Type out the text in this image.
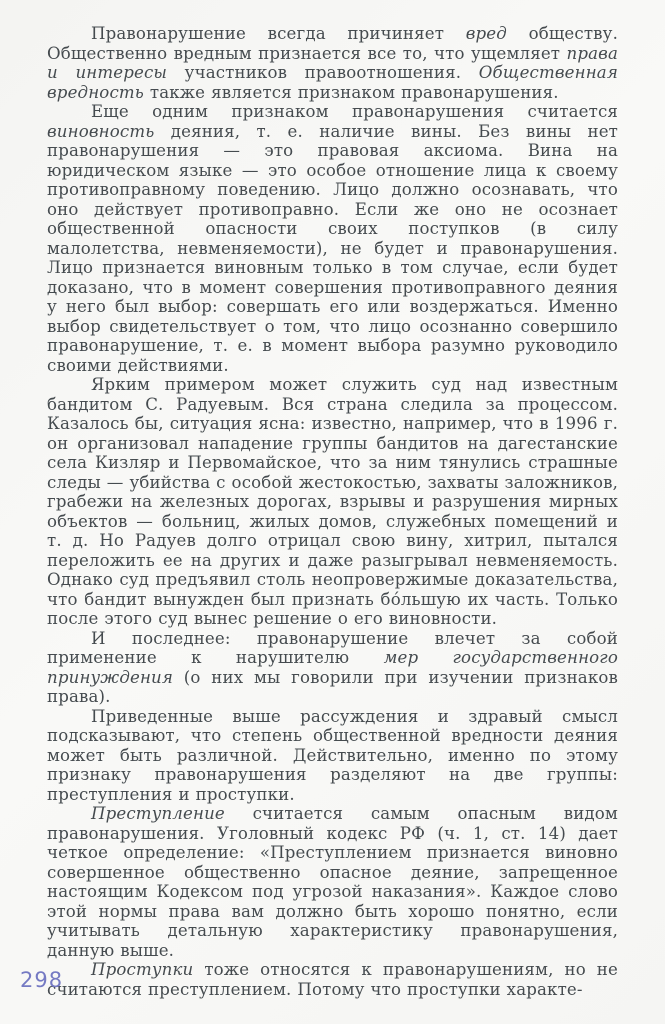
Правонарушение всегда причиняет вред обществу. Общественно вредным признается все то, что ущемляет права и интересы участников правоотношения. Общественная вредность также является признаком правонарушения.

Еще одним признаком правонарушения считается виновность деяния, т. е. наличие вины. Без вины нет правонарушения — это правовая аксиома. Вина на юридическом языке — это особое отношение лица к своему противоправному поведению. Лицо должно осознавать, что оно действует противоправно. Если же оно не осознает общественной опасности своих поступков (в силу малолетства, невменяемости), не будет и правонарушения. Лицо признается виновным только в том случае, если будет доказано, что в момент совершения противоправного деяния у него был выбор: совершать его или воздержаться. Именно выбор свидетельствует о том, что лицо осознанно совершило правонарушение, т. е. в момент выбора разумно руководило своими действиями.

Ярким примером может служить суд над известным бандитом С. Радуевым. Вся страна следила за процессом. Казалось бы, ситуация ясна: известно, например, что в 1996 г. он организовал нападение группы бандитов на дагестанские села Кизляр и Первомайское, что за ним тянулись страшные следы — убийства с особой жестокостью, захваты заложников, грабежи на железных дорогах, взрывы и разрушения мирных объектов — больниц, жилых домов, служебных помещений и т. д. Но Радуев долго отрицал свою вину, хитрил, пытался переложить ее на других и даже разыгрывал невменяемость. Однако суд предъявил столь неопровержимые доказательства, что бандит вынужден был признать бо́льшую их часть. Только после этого суд вынес решение о его виновности.

И последнее: правонарушение влечет за собой применение к нарушителю мер государственного принуждения (о них мы говорили при изучении признаков права).

Приведенные выше рассуждения и здравый смысл подсказывают, что степень общественной вредности деяния может быть различной. Действительно, именно по этому признаку правонарушения разделяют на две группы: преступления и проступки.

Преступление считается самым опасным видом правонарушения. Уголовный кодекс РФ (ч. 1, ст. 14) дает четкое определение: «Преступлением признается виновно совершенное общественно опасное деяние, запрещенное настоящим Кодексом под угрозой наказания». Каждое слово этой нормы права вам должно быть хорошо понятно, если учитывать детальную характеристику правонарушения, данную выше.

Проступки тоже относятся к правонарушениям, но не считаются преступлением. Потому что проступки характе-

298
